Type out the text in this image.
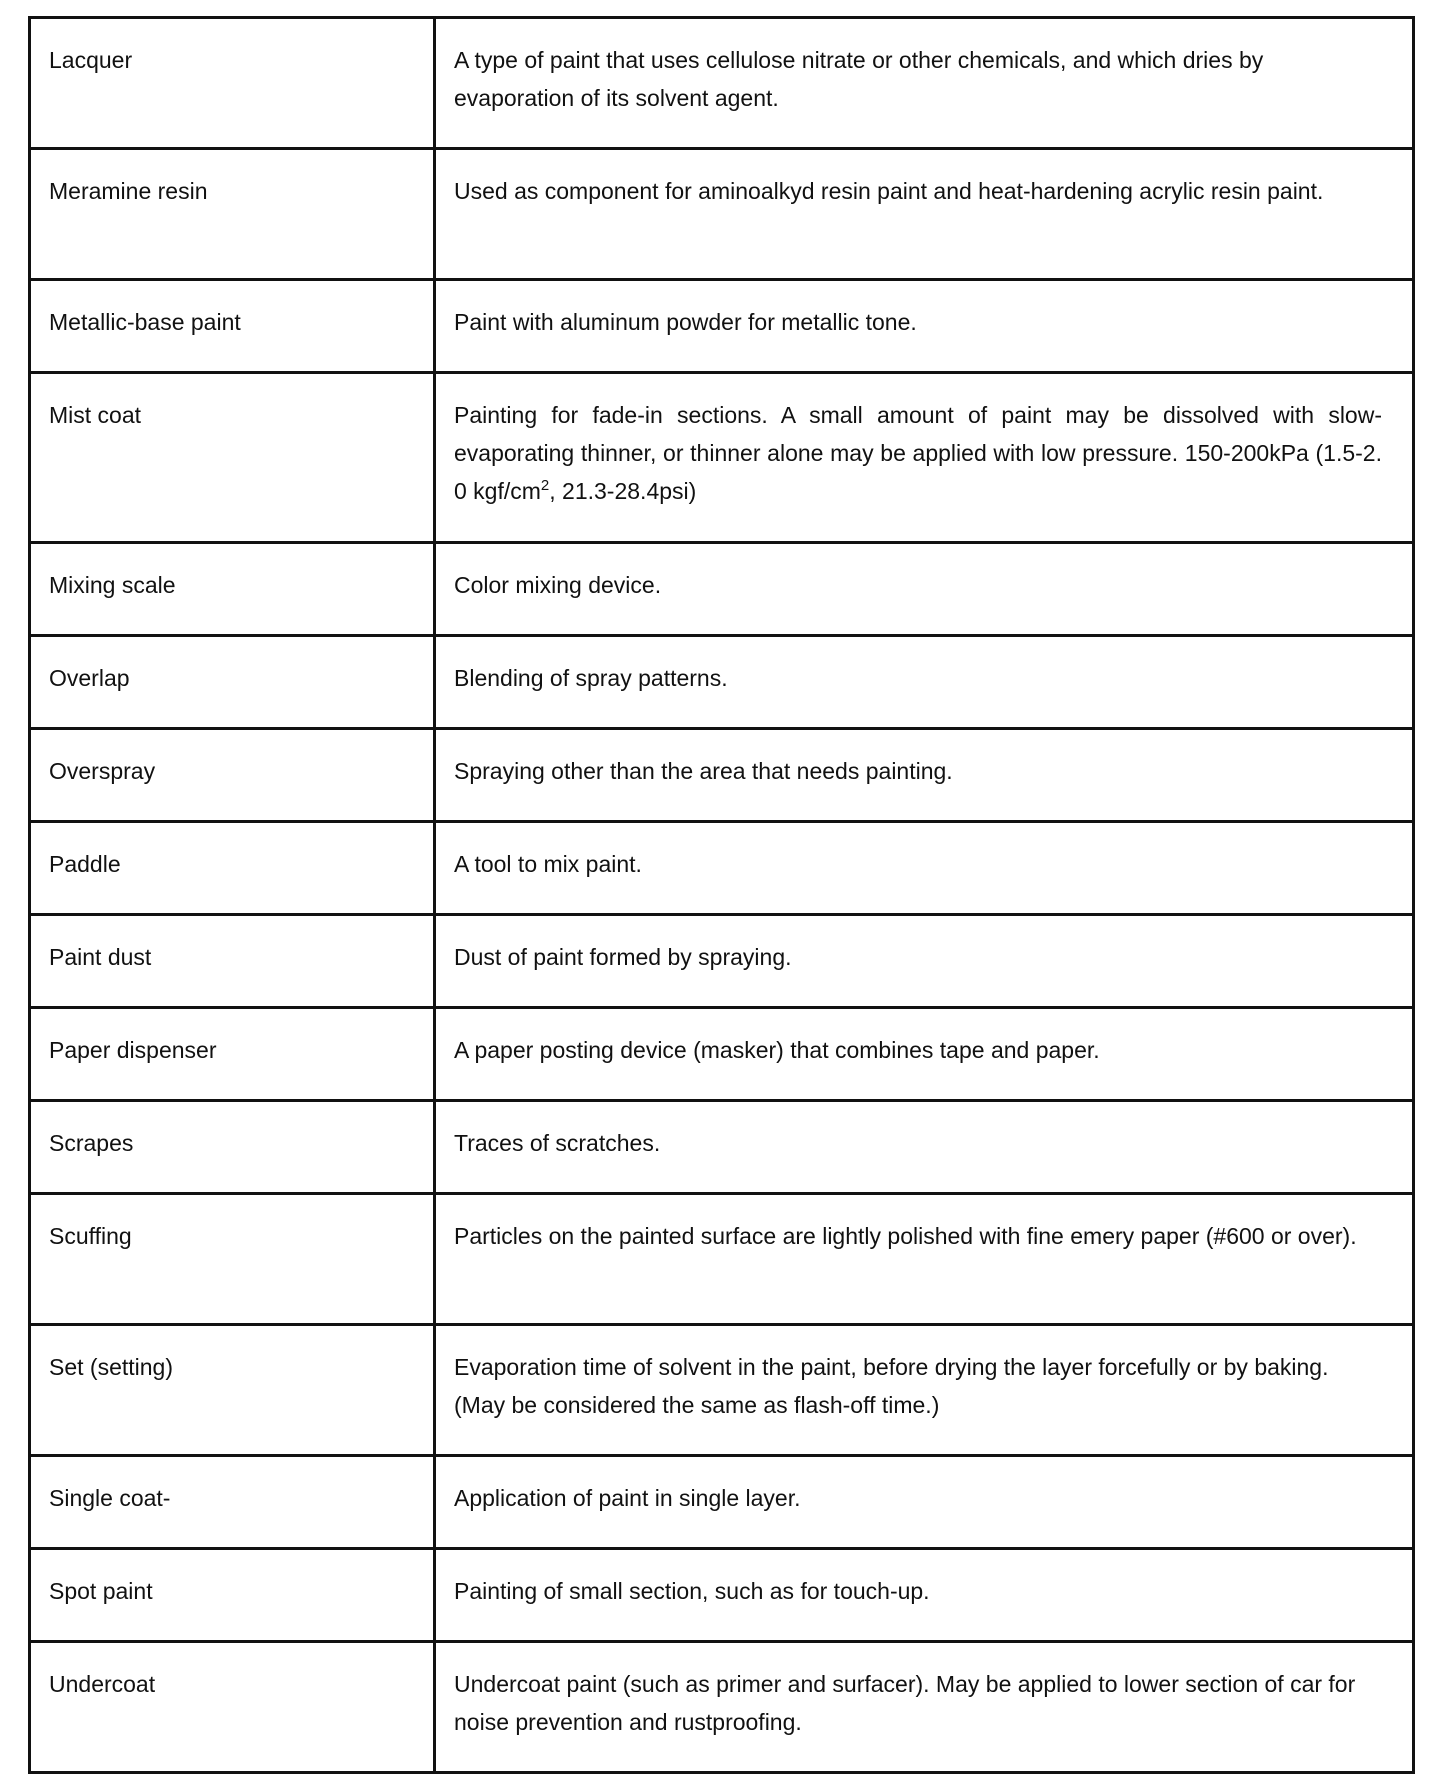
Lacquer	A type of paint that uses cellulose nitrate or other chemicals, and which dries by evaporation of its solvent agent.
Meramine resin	Used as component for aminoalkyd resin paint and heat-hardening acrylic resin paint.
Metallic-base paint	Paint with aluminum powder for metallic tone.
Mist coat	Painting for fade-in sections. A small amount of paint may be dissolved with slow-evaporating thinner, or thinner alone may be applied with low pressure. 150-200kPa (1.5-2. 0 kgf/$cm^2$, 21.3-28.4psi)
Mixing scale	Color mixing device.
Overlap	Blending of spray patterns.
Overspray	Spraying other than the area that needs painting.
Paddle	A tool to mix paint.
Paint dust	Dust of paint formed by spraying.
Paper dispenser	A paper posting device (masker) that combines tape and paper.
Scrapes	Traces of scratches.
Scuffing	Particles on the painted surface are lightly polished with fine emery paper (#600 or over).
Set (setting)	Evaporation time of solvent in the paint, before drying the layer forcefully or by baking. (May be considered the same as flash-off time.)
Single coat-	Application of paint in single layer.
Spot paint	Painting of small section, such as for touch-up.
Undercoat	Undercoat paint (such as primer and surfacer). May be applied to lower section of car for noise prevention and rustproofing.
